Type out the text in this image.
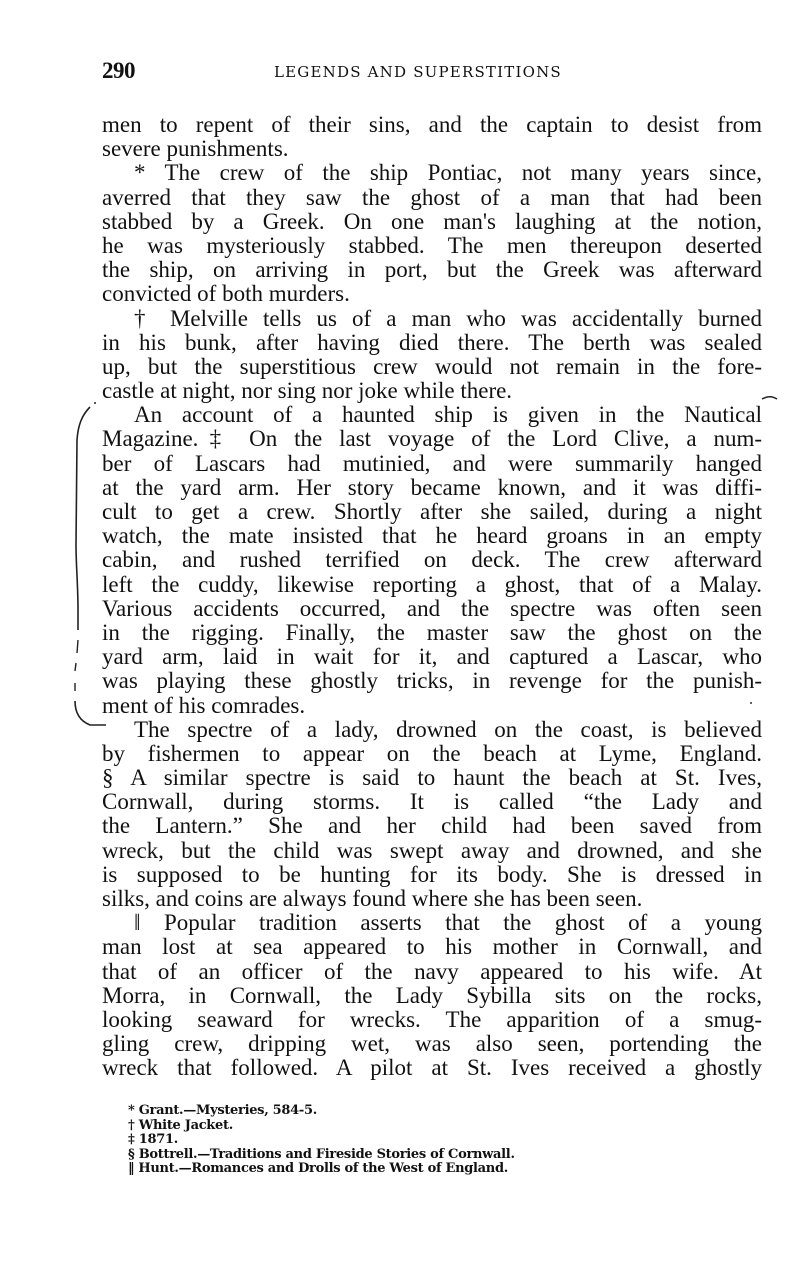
290	LEGENDS AND SUPERSTITIONS
men to repent of their sins, and the captain to desist from
severe punishments.
* The crew of the ship Pontiac, not many years since,
averred that they saw the ghost of a man that had been
stabbed by a Greek. On one man's laughing at the notion,
he was mysteriously stabbed. The men thereupon deserted
the ship, on arriving in port, but the Greek was afterward
convicted of both murders.
† Melville tells us of a man who was accidentally burned
in his bunk, after having died there. The berth was sealed
up, but the superstitious crew would not remain in the fore-
castle at night, nor sing nor joke while there.
An account of a haunted ship is given in the Nautical
Magazine.‡ On the last voyage of the Lord Clive, a num-
ber of Lascars had mutinied, and were summarily hanged
at the yard arm. Her story became known, and it was diffi-
cult to get a crew. Shortly after she sailed, during a night
watch, the mate insisted that he heard groans in an empty
cabin, and rushed terrified on deck. The crew afterward
left the cuddy, likewise reporting a ghost, that of a Malay.
Various accidents occurred, and the spectre was often seen
in the rigging. Finally, the master saw the ghost on the
yard arm, laid in wait for it, and captured a Lascar, who
was playing these ghostly tricks, in revenge for the punish-
ment of his comrades.
The spectre of a lady, drowned on the coast, is believed
by fishermen to appear on the beach at Lyme, England.
§ A similar spectre is said to haunt the beach at St. Ives,
Cornwall, during storms. It is called “the Lady and
the Lantern.” She and her child had been saved from
wreck, but the child was swept away and drowned, and she
is supposed to be hunting for its body. She is dressed in
silks, and coins are always found where she has been seen.
‖ Popular tradition asserts that the ghost of a young
man lost at sea appeared to his mother in Cornwall, and
that of an officer of the navy appeared to his wife. At
Morra, in Cornwall, the Lady Sybilla sits on the rocks,
looking seaward for wrecks. The apparition of a smug-
gling crew, dripping wet, was also seen, portending the
wreck that followed. A pilot at St. Ives received a ghostly
* Grant.—Mysteries, 584-5.
† White Jacket.
‡ 1871.
§ Bottrell.—Traditions and Fireside Stories of Cornwall.
‖ Hunt.—Romances and Drolls of the West of England.
